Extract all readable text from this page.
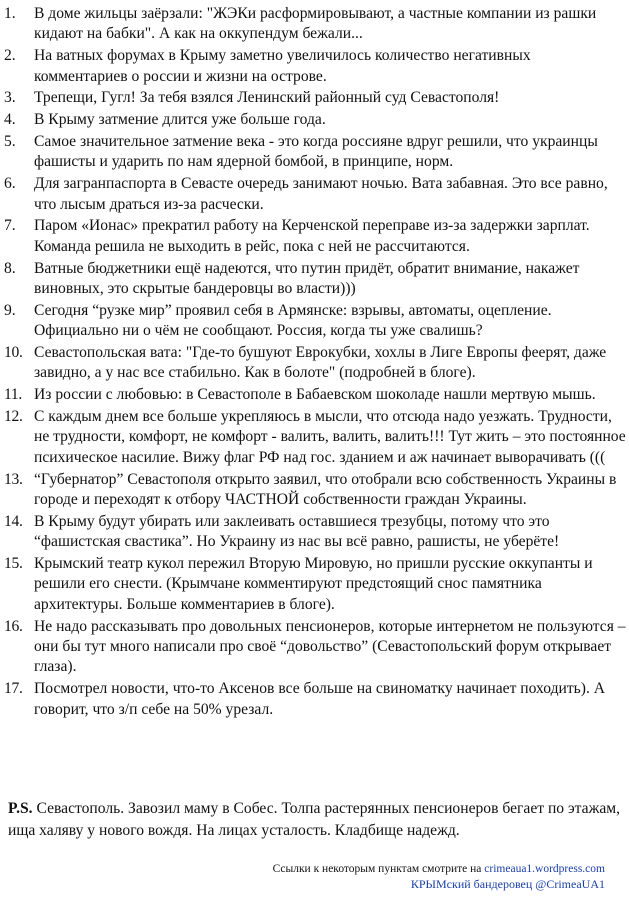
1.	В доме жильцы заёрзали: "ЖЭКи расформировывают, а частные компании из рашки кидают на бабки". А как на оккупендум бежали...
2.	На ватных форумах в Крыму заметно увеличилось количество негативных комментариев о россии и жизни на острове.
3.	Трепещи, Гугл! За тебя взялся Ленинский районный суд Севастополя!
4.	В Крыму затмение длится уже больше года.
5.	Самое значительное затмение века - это когда россияне вдруг решили, что украинцы фашисты и ударить по нам ядерной бомбой, в принципе, норм.
6.	Для загранпаспорта в Севасте очередь занимают ночью. Вата забавная. Это все равно, что лысым драться из-за расчески.
7.	Паром «Ионас» прекратил работу на Керченской переправе из-за задержки зарплат. Команда решила не выходить в рейс, пока с ней не рассчитаются.
8.	Ватные бюджетники ещё надеются, что путин придёт, обратит внимание, накажет виновных, это скрытые бандеровцы во власти)))
9.	Сегодня “рузке мир” проявил себя в Армянске: взрывы, автоматы, оцепление. Официально ни о чём не сообщают. Россия, когда ты уже свалишь?
10. Севастопольская вата: "Где-то бушуют Еврокубки, хохлы в Лиге Европы феерят, даже завидно, а у нас все стабильно. Как в болоте" (подробней в блоге).
11. Из россии с любовью: в Севастополе в Бабаевском шоколаде нашли мертвую мышь.
12. С каждым днем все больше укрепляюсь в мысли, что отсюда надо уезжать. Трудности, не трудности, комфорт, не комфорт - валить, валить, валить!!! Тут жить – это постоянное психическое насилие. Вижу флаг РФ над гос. зданием и аж начинает выворачивать (((
13. “Губернатор” Севастополя открыто заявил, что отобрали всю собственность Украины в городе и переходят к отбору ЧАСТНОЙ собственности граждан Украины.
14. В Крыму будут убирать или заклеивать оставшиеся трезубцы, потому что это “фашистская свастика”. Но Украину из нас вы всё равно, рашисты, не уберёте!
15. Крымский театр кукол пережил Вторую Мировую, но пришли русские оккупанты и решили его снести. (Крымчане комментируют предстоящий снос памятника архитектуры. Больше комментариев в блоге).
16. Не надо рассказывать про довольных пенсионеров, которые интернетом не пользуются – они бы тут много написали про своё “довольство” (Севастопольский форум открывает глаза).
17. Посмотрел новости, что-то Аксенов все больше на свиноматку начинает походить). А говорит, что з/п себе на 50% урезал.

P.S. Севастополь. Завозил маму в Собес. Толпа растерянных пенсионеров бегает по этажам, ища халяву у нового вождя. На лицах усталость. Кладбище надежд.

Ссылки к некоторым пунктам смотрите на crimeaua1.wordpress.com
КРЫМский бандеровец @CrimeaUA1
